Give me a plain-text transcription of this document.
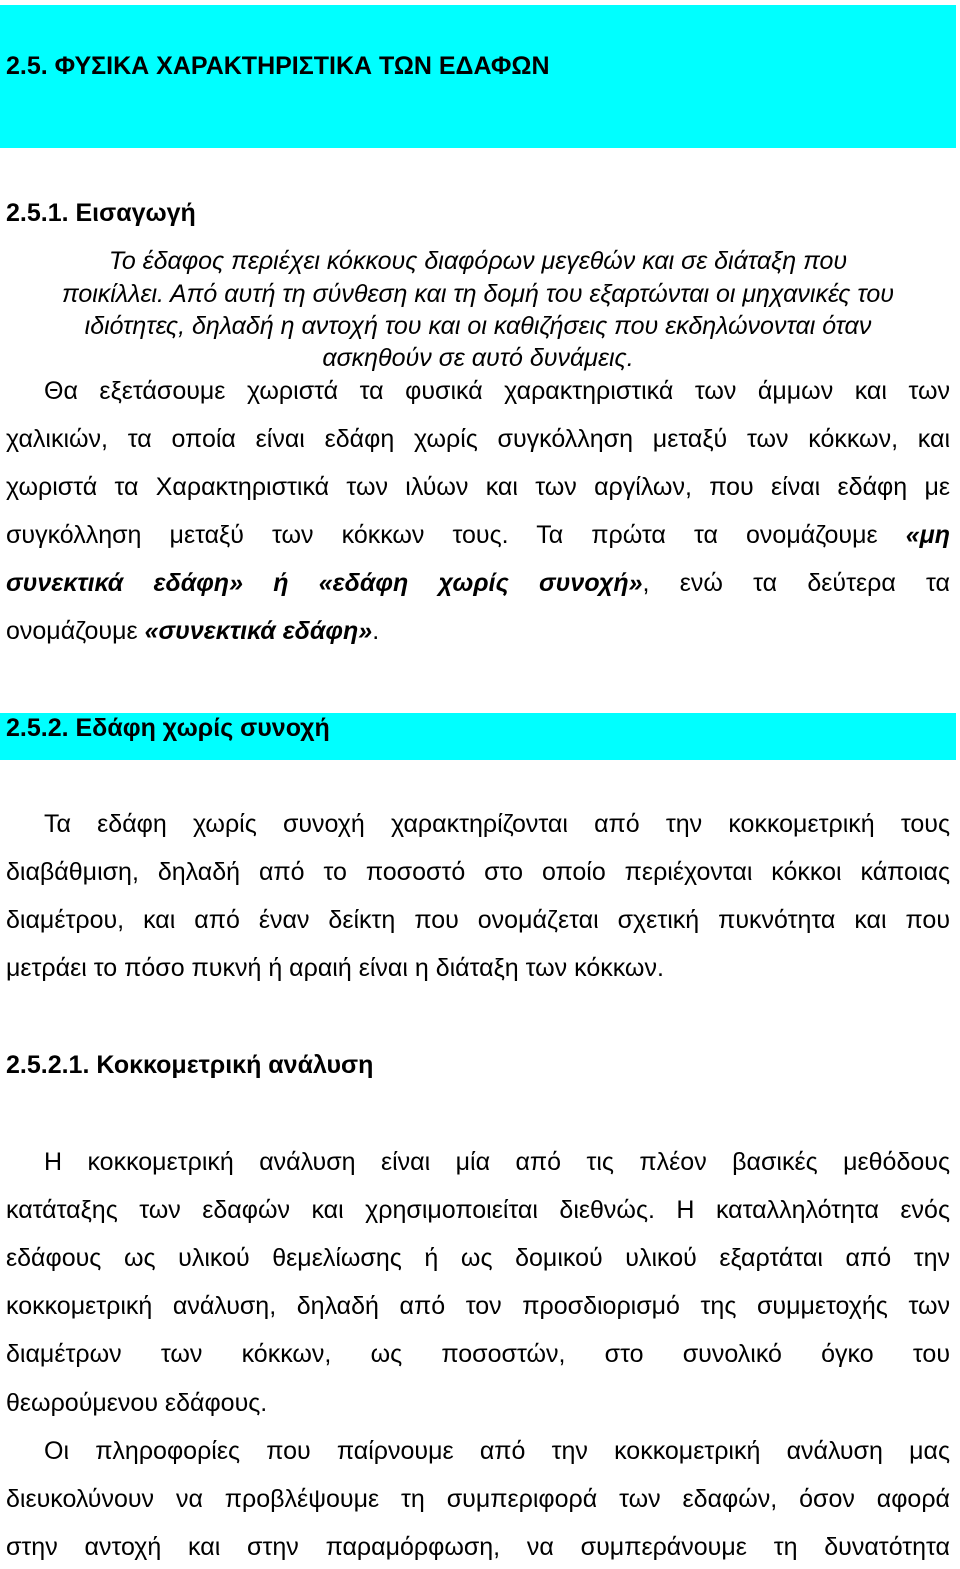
2.5. ΦΥΣΙΚΑ ΧΑΡΑΚΤΗΡΙΣΤΙΚΑ ΤΩΝ ΕΔΑΦΩΝ
2.5.1. Εισαγωγή

Το έδαφος περιέχει κόκκους διαφόρων μεγεθών και σε διάταξη που

ποικίλλει. Από αυτή τη σύνθεση και τη δομή του εξαρτώνται οι μηχανικές του

ιδιότητες, δηλαδή η αντοχή του και οι καθιζήσεις που εκδηλώνονται όταν

ασκηθούν σε αυτό δυνάμεις.

Θα εξετάσουμε χωριστά τα φυσικά χαρακτηριστικά των άμμων και των

χαλικιών, τα οποία είναι εδάφη χωρίς συγκόλληση μεταξύ των κόκκων, και

χωριστά τα Χαρακτηριστικά των ιλύων και των αργίλων, που είναι εδάφη με

συγκόλληση μεταξύ των κόκκων τους. Τα πρώτα τα ονομάζουμε «μη

συνεκτικά εδάφη» ή «εδάφη χωρίς συνοχή», ενώ τα δεύτερα τα

ονομάζουμε «συνεκτικά εδάφη».

2.5.2. Εδάφη χωρίς συνοχή

Τα εδάφη χωρίς συνοχή χαρακτηρίζονται από την κοκκομετρική τους

διαβάθμιση, δηλαδή από το ποσοστό στο οποίο περιέχονται κόκκοι κάποιας

διαμέτρου, και από έναν δείκτη που ονομάζεται σχετική πυκνότητα και που

μετράει το πόσο πυκνή ή αραιή είναι η διάταξη των κόκκων.

2.5.2.1. Κοκκομετρική ανάλυση

Η κοκκομετρική ανάλυση είναι μία από τις πλέον βασικές μεθόδους

κατάταξης των εδαφών και χρησιμοποιείται διεθνώς. Η καταλληλότητα ενός

εδάφους ως υλικού θεμελίωσης ή ως δομικού υλικού εξαρτάται από την

κοκκομετρική ανάλυση, δηλαδή από τον προσδιορισμό της συμμετοχής των

διαμέτρων των κόκκων, ως ποσοστών, στο συνολικό όγκο του

θεωρούμενου εδάφους.

Οι πληροφορίες που παίρνουμε από την κοκκομετρική ανάλυση μας

διευκολύνουν να προβλέψουμε τη συμπεριφορά των εδαφών, όσον αφορά

στην αντοχή και στην παραμόρφωση, να συμπεράνουμε τη δυνατότητα
